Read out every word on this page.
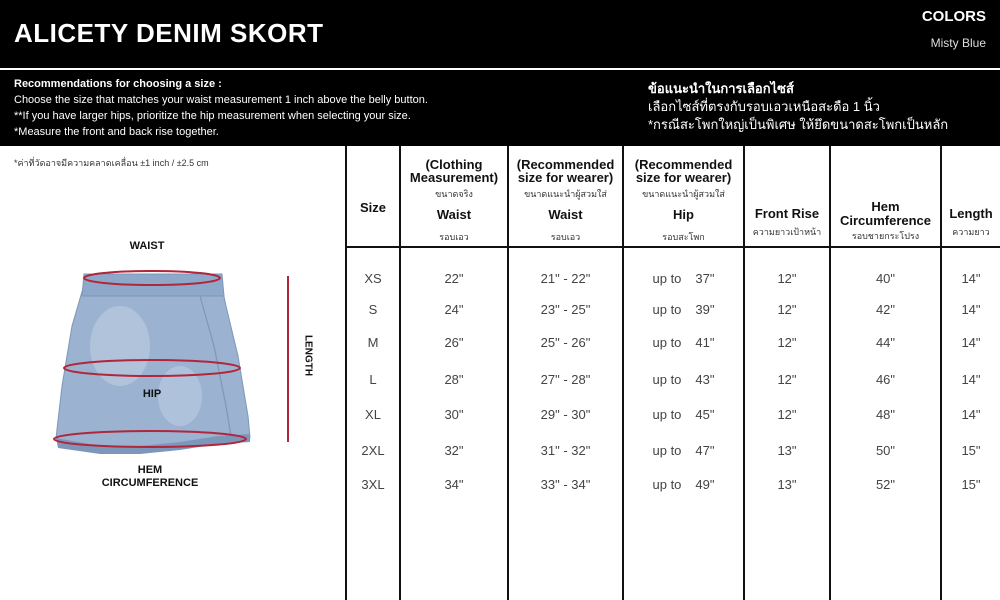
ALICETY DENIM SKORT
COLORS
Misty Blue
Recommendations for choosing a size :
Choose the size that matches your waist measurement 1 inch above the belly button.
**If you have larger hips, prioritize the hip measurement when selecting your size.
*Measure the front and back rise together.
ข้อแนะนำในการเลือกไซส์
เลือกไซส์ที่ตรงกับรอบเอวเหนือสะดือ 1 นิ้ว
*กรณีสะโพกใหญ่เป็นพิเศษ ให้ยึดขนาดสะโพกเป็นหลัก
*ค่าที่วัดอาจมีความคลาดเคลื่อน ±1 inch / ±2.5 cm
WAIST
HIP
HEM
CIRCUMFERENCE
LENGTH
Size
(Clothing Measurement)
ขนาดจริง
Waist
รอบเอว
(Recommended size for wearer)
ขนาดแนะนำผู้สวมใส่
Waist
รอบเอว
(Recommended size for wearer)
ขนาดแนะนำผู้สวมใส่
Hip
รอบสะโพก
Front Rise
ความยาวเป้าหน้า
Hem Circumference
รอบชายกระโปรง
Length
ความยาว
XS	22"	21" - 22"	up to 37"	12"	40"	14"
S	24"	23" - 25"	up to 39"	12"	42"	14"
M	26"	25" - 26"	up to 41"	12"	44"	14"
L	28"	27" - 28"	up to 43"	12"	46"	14"
XL	30"	29" - 30"	up to 45"	12"	48"	14"
2XL	32"	31" - 32"	up to 47"	13"	50"	15"
3XL	34"	33" - 34"	up to 49"	13"	52"	15"
